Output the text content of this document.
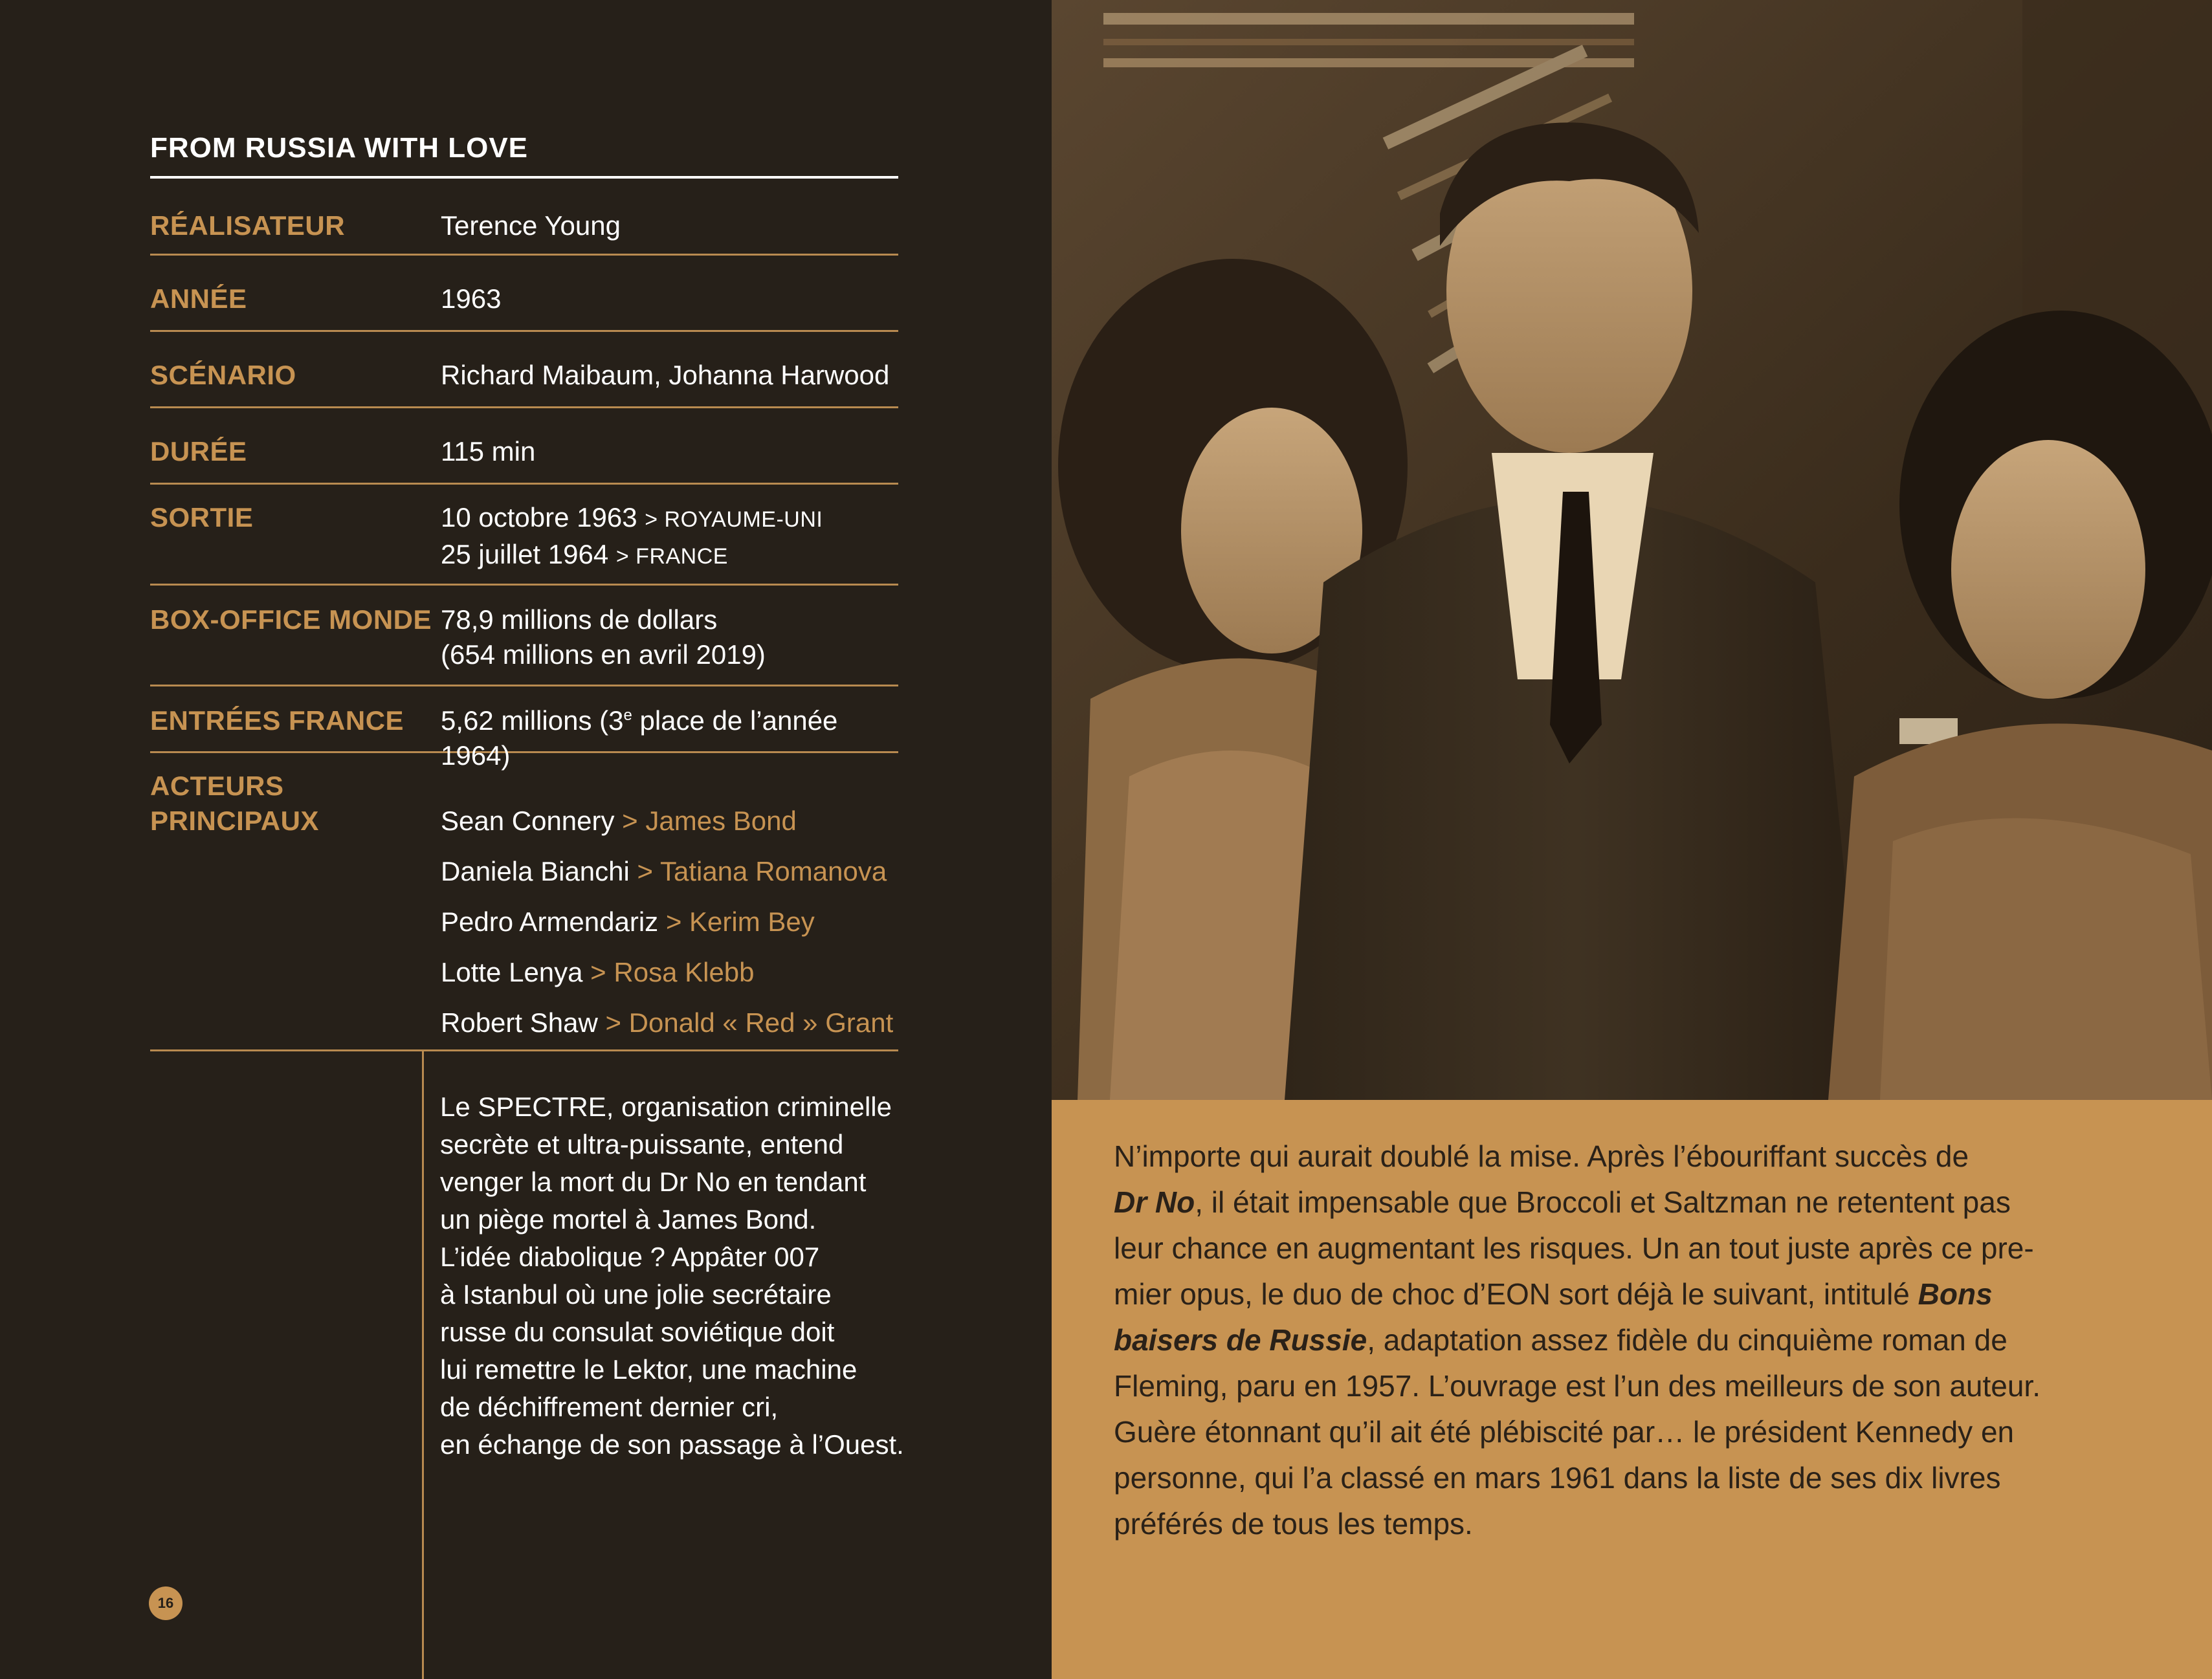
FROM RUSSIA WITH LOVE
RÉALISATEUR	Terence Young
ANNÉE	1963
SCÉNARIO	Richard Maibaum, Johanna Harwood
DURÉE	115 min
SORTIE	10 octobre 1963 > ROYAUME-UNI
25 juillet 1964 > FRANCE
BOX-OFFICE MONDE 78,9 millions de dollars
(654 millions en avril 2019)
ENTRÉES FRANCE 5,62 millions (3e place de l’année 1964)
ACTEURS
PRINCIPAUX	Sean Connery > James Bond
Daniela Bianchi > Tatiana Romanova
Pedro Armendariz > Kerim Bey
Lotte Lenya > Rosa Klebb
Robert Shaw > Donald « Red » Grant
Le SPECTRE, organisation criminelle
secrète et ultra-puissante, entend
venger la mort du Dr No en tendant
un piège mortel à James Bond.
L’idée diabolique ? Appâter 007
à Istanbul où une jolie secrétaire
russe du consulat soviétique doit
lui remettre le Lektor, une machine
de déchiffrement dernier cri,
en échange de son passage à l’Ouest.
16
N’importe qui aurait doublé la mise. Après l’ébouriffant succès de
Dr No, il était impensable que Broccoli et Saltzman ne retentent pas
leur chance en augmentant les risques. Un an tout juste après ce pre-
mier opus, le duo de choc d’EON sort déjà le suivant, intitulé Bons
baisers de Russie, adaptation assez fidèle du cinquième roman de
Fleming, paru en 1957. L’ouvrage est l’un des meilleurs de son auteur.
Guère étonnant qu’il ait été plébiscité par… le président Kennedy en
personne, qui l’a classé en mars 1961 dans la liste de ses dix livres
préférés de tous les temps.
